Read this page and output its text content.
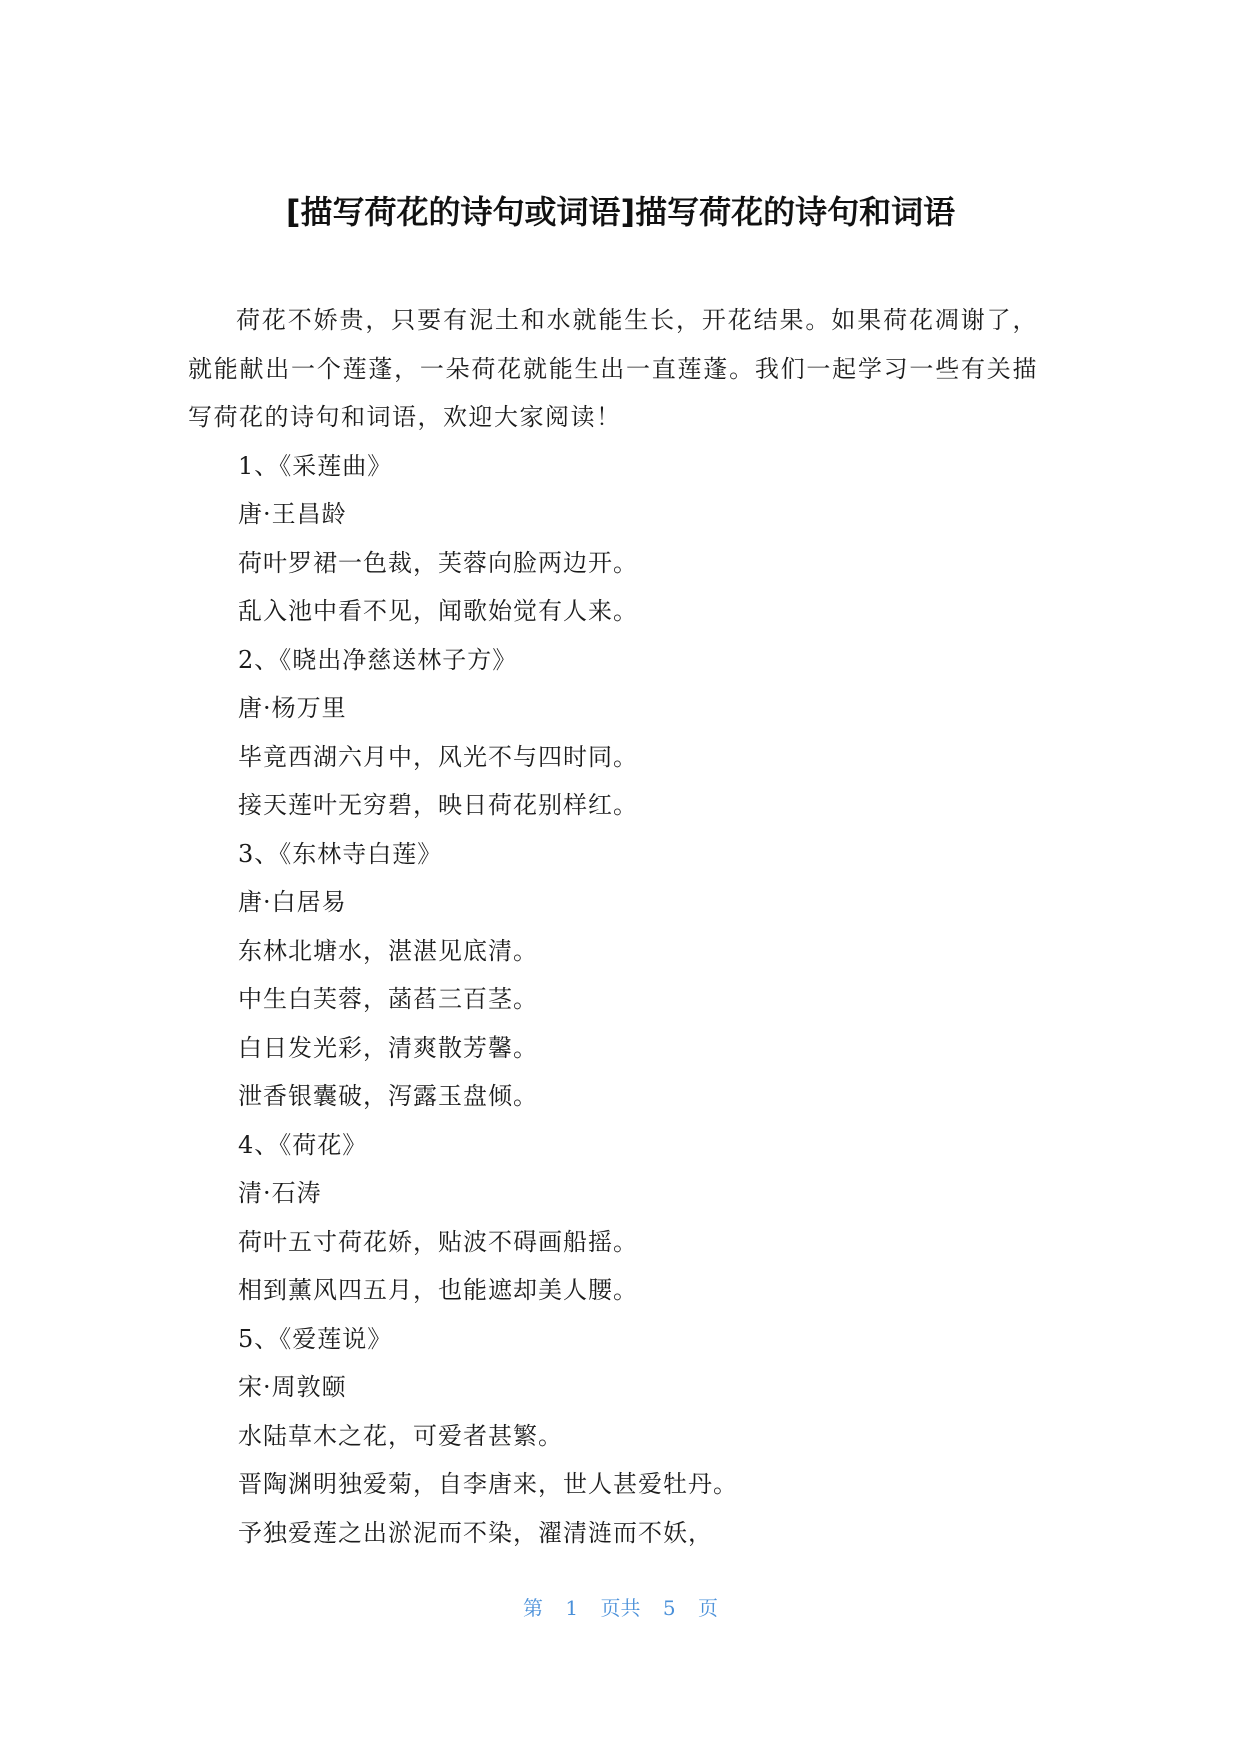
[描写荷花的诗句或词语]描写荷花的诗句和词语

荷花不娇贵，只要有泥土和水就能生长，开花结果。如果荷花凋谢了，就能献出一个莲蓬，一朵荷花就能生出一直莲蓬。我们一起学习一些有关描写荷花的诗句和词语，欢迎大家阅读！

1、《采莲曲》

唐·王昌龄

荷叶罗裙一色裁，芙蓉向脸两边开。

乱入池中看不见，闻歌始觉有人来。

2、《晓出净慈送林子方》

唐·杨万里

毕竟西湖六月中，风光不与四时同。

接天莲叶无穷碧，映日荷花别样红。

3、《东林寺白莲》

唐·白居易

东林北塘水，湛湛见底清。

中生白芙蓉，菡萏三百茎。

白日发光彩，清爽散芳馨。

泄香银囊破，泻露玉盘倾。

4、《荷花》

清·石涛

荷叶五寸荷花娇，贴波不碍画船摇。

相到薰风四五月，也能遮却美人腰。

5、《爱莲说》

宋·周敦颐

水陆草木之花，可爱者甚繁。

晋陶渊明独爱菊，自李唐来，世人甚爱牡丹。

予独爱莲之出淤泥而不染，濯清涟而不妖，

第 1 页共 5 页
